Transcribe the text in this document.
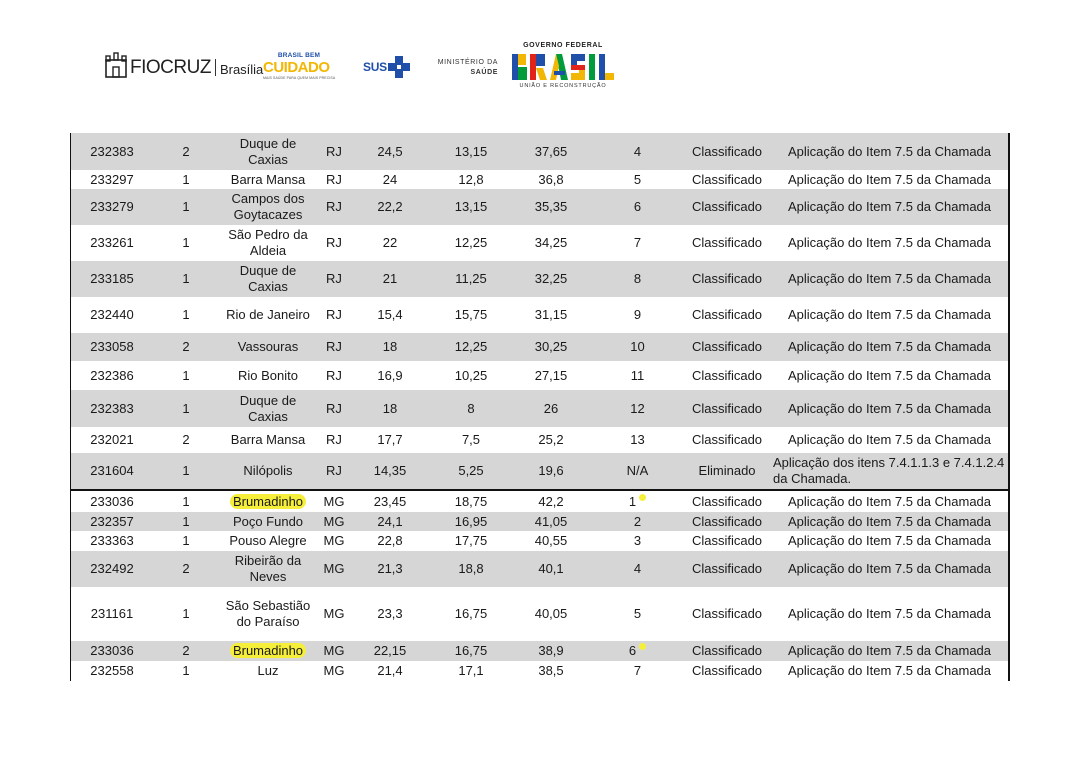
FIOCRUZ Brasília
BRASIL BEM
CUIDADO
MAIS SAÚDE PARA QUEM MAIS PRECISA
SUS	MINISTÉRIO DA
SAÚDE
GOVERNO FEDERAL
UNIÃO E RECONSTRUÇÃO
232383	2	Duque de Caxias	RJ	24,5	13,15	37,65	4	Classificado	Aplicação do Item 7.5 da Chamada
233297	1	Barra Mansa	RJ	24	12,8	36,8	5	Classificado	Aplicação do Item 7.5 da Chamada
233279	1	Campos dos Goytacazes	RJ	22,2	13,15	35,35	6	Classificado	Aplicação do Item 7.5 da Chamada
233261	1	São Pedro da Aldeia	RJ	22	12,25	34,25	7	Classificado	Aplicação do Item 7.5 da Chamada
233185	1	Duque de Caxias	RJ	21	11,25	32,25	8	Classificado	Aplicação do Item 7.5 da Chamada
232440	1	Rio de Janeiro	RJ	15,4	15,75	31,15	9	Classificado	Aplicação do Item 7.5 da Chamada
233058	2	Vassouras	RJ	18	12,25	30,25	10	Classificado	Aplicação do Item 7.5 da Chamada
232386	1	Rio Bonito	RJ	16,9	10,25	27,15	11	Classificado	Aplicação do Item 7.5 da Chamada
232383	1	Duque de Caxias	RJ	18	8	26	12	Classificado	Aplicação do Item 7.5 da Chamada
232021	2	Barra Mansa	RJ	17,7	7,5	25,2	13	Classificado	Aplicação do Item 7.5 da Chamada
231604	1	Nilópolis	RJ	14,35	5,25	19,6	N/A	Eliminado	Aplicação dos itens 7.4.1.1.3 e 7.4.1.2.4 da Chamada.
233036	1	Brumadinho	MG	23,45	18,75	42,2	1	Classificado	Aplicação do Item 7.5 da Chamada
232357	1	Poço Fundo	MG	24,1	16,95	41,05	2	Classificado	Aplicação do Item 7.5 da Chamada
233363	1	Pouso Alegre	MG	22,8	17,75	40,55	3	Classificado	Aplicação do Item 7.5 da Chamada
232492	2	Ribeirão da Neves	MG	21,3	18,8	40,1	4	Classificado	Aplicação do Item 7.5 da Chamada
231161	1	São Sebastião do Paraíso	MG	23,3	16,75	40,05	5	Classificado	Aplicação do Item 7.5 da Chamada
233036	2	Brumadinho	MG	22,15	16,75	38,9	6	Classificado	Aplicação do Item 7.5 da Chamada
232558	1	Luz	MG	21,4	17,1	38,5	7	Classificado	Aplicação do Item 7.5 da Chamada
